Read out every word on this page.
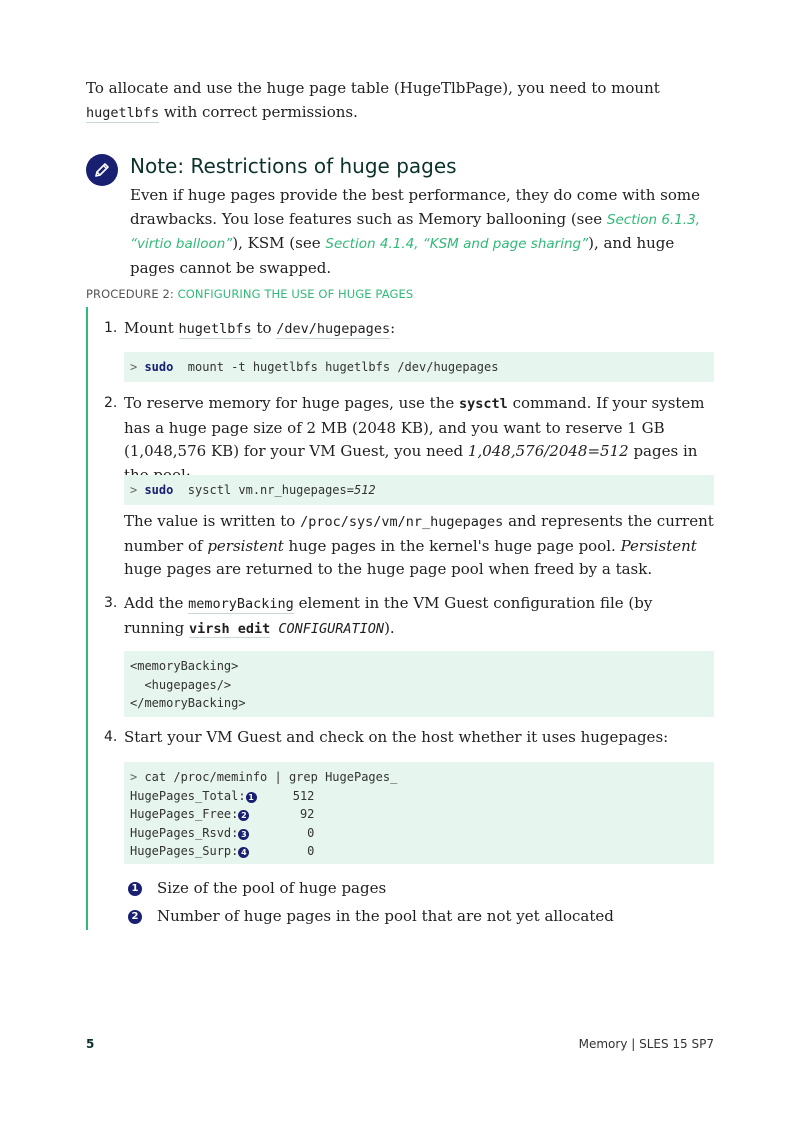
To allocate and use the huge page table (HugeTlbPage), you need to mount hugetlbfs with correct permissions.

Note: Restrictions of huge pages

Even if huge pages provide the best performance, they do come with some drawbacks. You lose features such as Memory ballooning (see Section 6.1.3, “virtio balloon”), KSM (see Section 4.1.4, “KSM and page sharing”), and huge pages cannot be swapped.

PROCEDURE 2: CONFIGURING THE USE OF HUGE PAGES
1. Mount hugetlbfs to /dev/hugepages:

> sudo  mount -t hugetlbfs hugetlbfs /dev/hugepages
2. To reserve memory for huge pages, use the sysctl command. If your system has a huge page size of 2 MB (2048 KB), and you want to reserve 1 GB (1,048,576 KB) for your VM Guest, you need 1,048,576/2048=512 pages in

> sudo  sysctl vm.nr_hugepages=512

The value is written to /proc/sys/vm/nr_hugepages and represents the current number of persistent huge pages in the kernel's huge page pool. Persistent huge pages are returned to the huge page pool when freed by a task.

3. Add the memoryBacking element in the VM Guest configuration file (by running virsh edit CONFIGURATION).

<memoryBacking>
<hugepages/>
</memoryBacking>
4. Start your VM Guest and check on the host whether it uses hugepages:

> cat /proc/meminfo | grep HugePages_
HugePages_Total: 1	512
HugePages_Free: 2	92
HugePages_Rsvd: 3	0
HugePages_Surp: 4	0
1 Size of the pool of huge pages
2 Number of huge pages in the pool that are not yet allocated
5	Memory | SLES 15 SP7
